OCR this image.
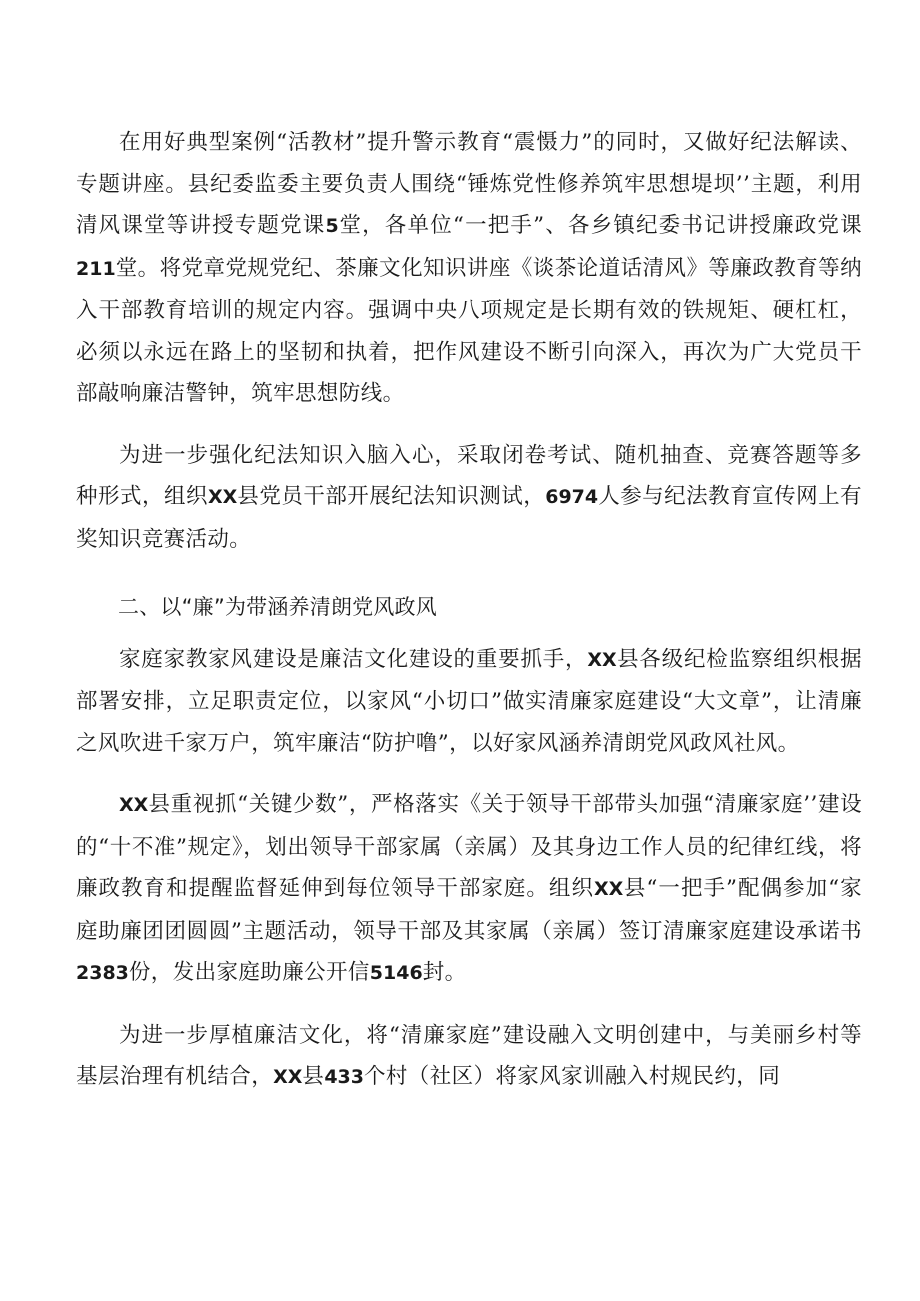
在用好典型案例“活教材”提升警示教育“震慑力”的同时，又做好纪法解读、专题讲座。县纪委监委主要负责人围绕“锤炼党性修养筑牢思想堤坝’’主题，利用清风课堂等讲授专题党课5堂，各单位“一把手”、各乡镇纪委书记讲授廉政党课211堂。将党章党规党纪、茶廉文化知识讲座《谈茶论道话清风》等廉政教育等纳入干部教育培训的规定内容。强调中央八项规定是长期有效的铁规矩、硬杠杠，必须以永远在路上的坚韧和执着，把作风建设不断引向深入，再次为广大党员干部敲响廉洁警钟，筑牢思想防线。

为进一步强化纪法知识入脑入心，采取闭卷考试、随机抽查、竞赛答题等多种形式，组织XX县党员干部开展纪法知识测试，6974人参与纪法教育宣传网上有奖知识竞赛活动。

二、以“廉”为带涵养清朗党风政风

家庭家教家风建设是廉洁文化建设的重要抓手，XX县各级纪检监察组织根据部署安排，立足职责定位，以家风“小切口”做实清廉家庭建设“大文章”，让清廉之风吹进千家万户，筑牢廉洁“防护噜”，以好家风涵养清朗党风政风社风。

XX县重视抓“关键少数”，严格落实《关于领导干部带头加强“清廉家庭’’建设的“十不准”规定》，划出领导干部家属（亲属）及其身边工作人员的纪律红线，将廉政教育和提醒监督延伸到每位领导干部家庭。组织XX县“一把手”配偶参加“家庭助廉团团圆圆”主题活动，领导干部及其家属（亲属）签订清廉家庭建设承诺书2383份，发出家庭助廉公开信5146封。

为进一步厚植廉洁文化，将“清廉家庭”建设融入文明创建中，与美丽乡村等基层治理有机结合，XX县433个村（社区）将家风家训融入村规民约，同
